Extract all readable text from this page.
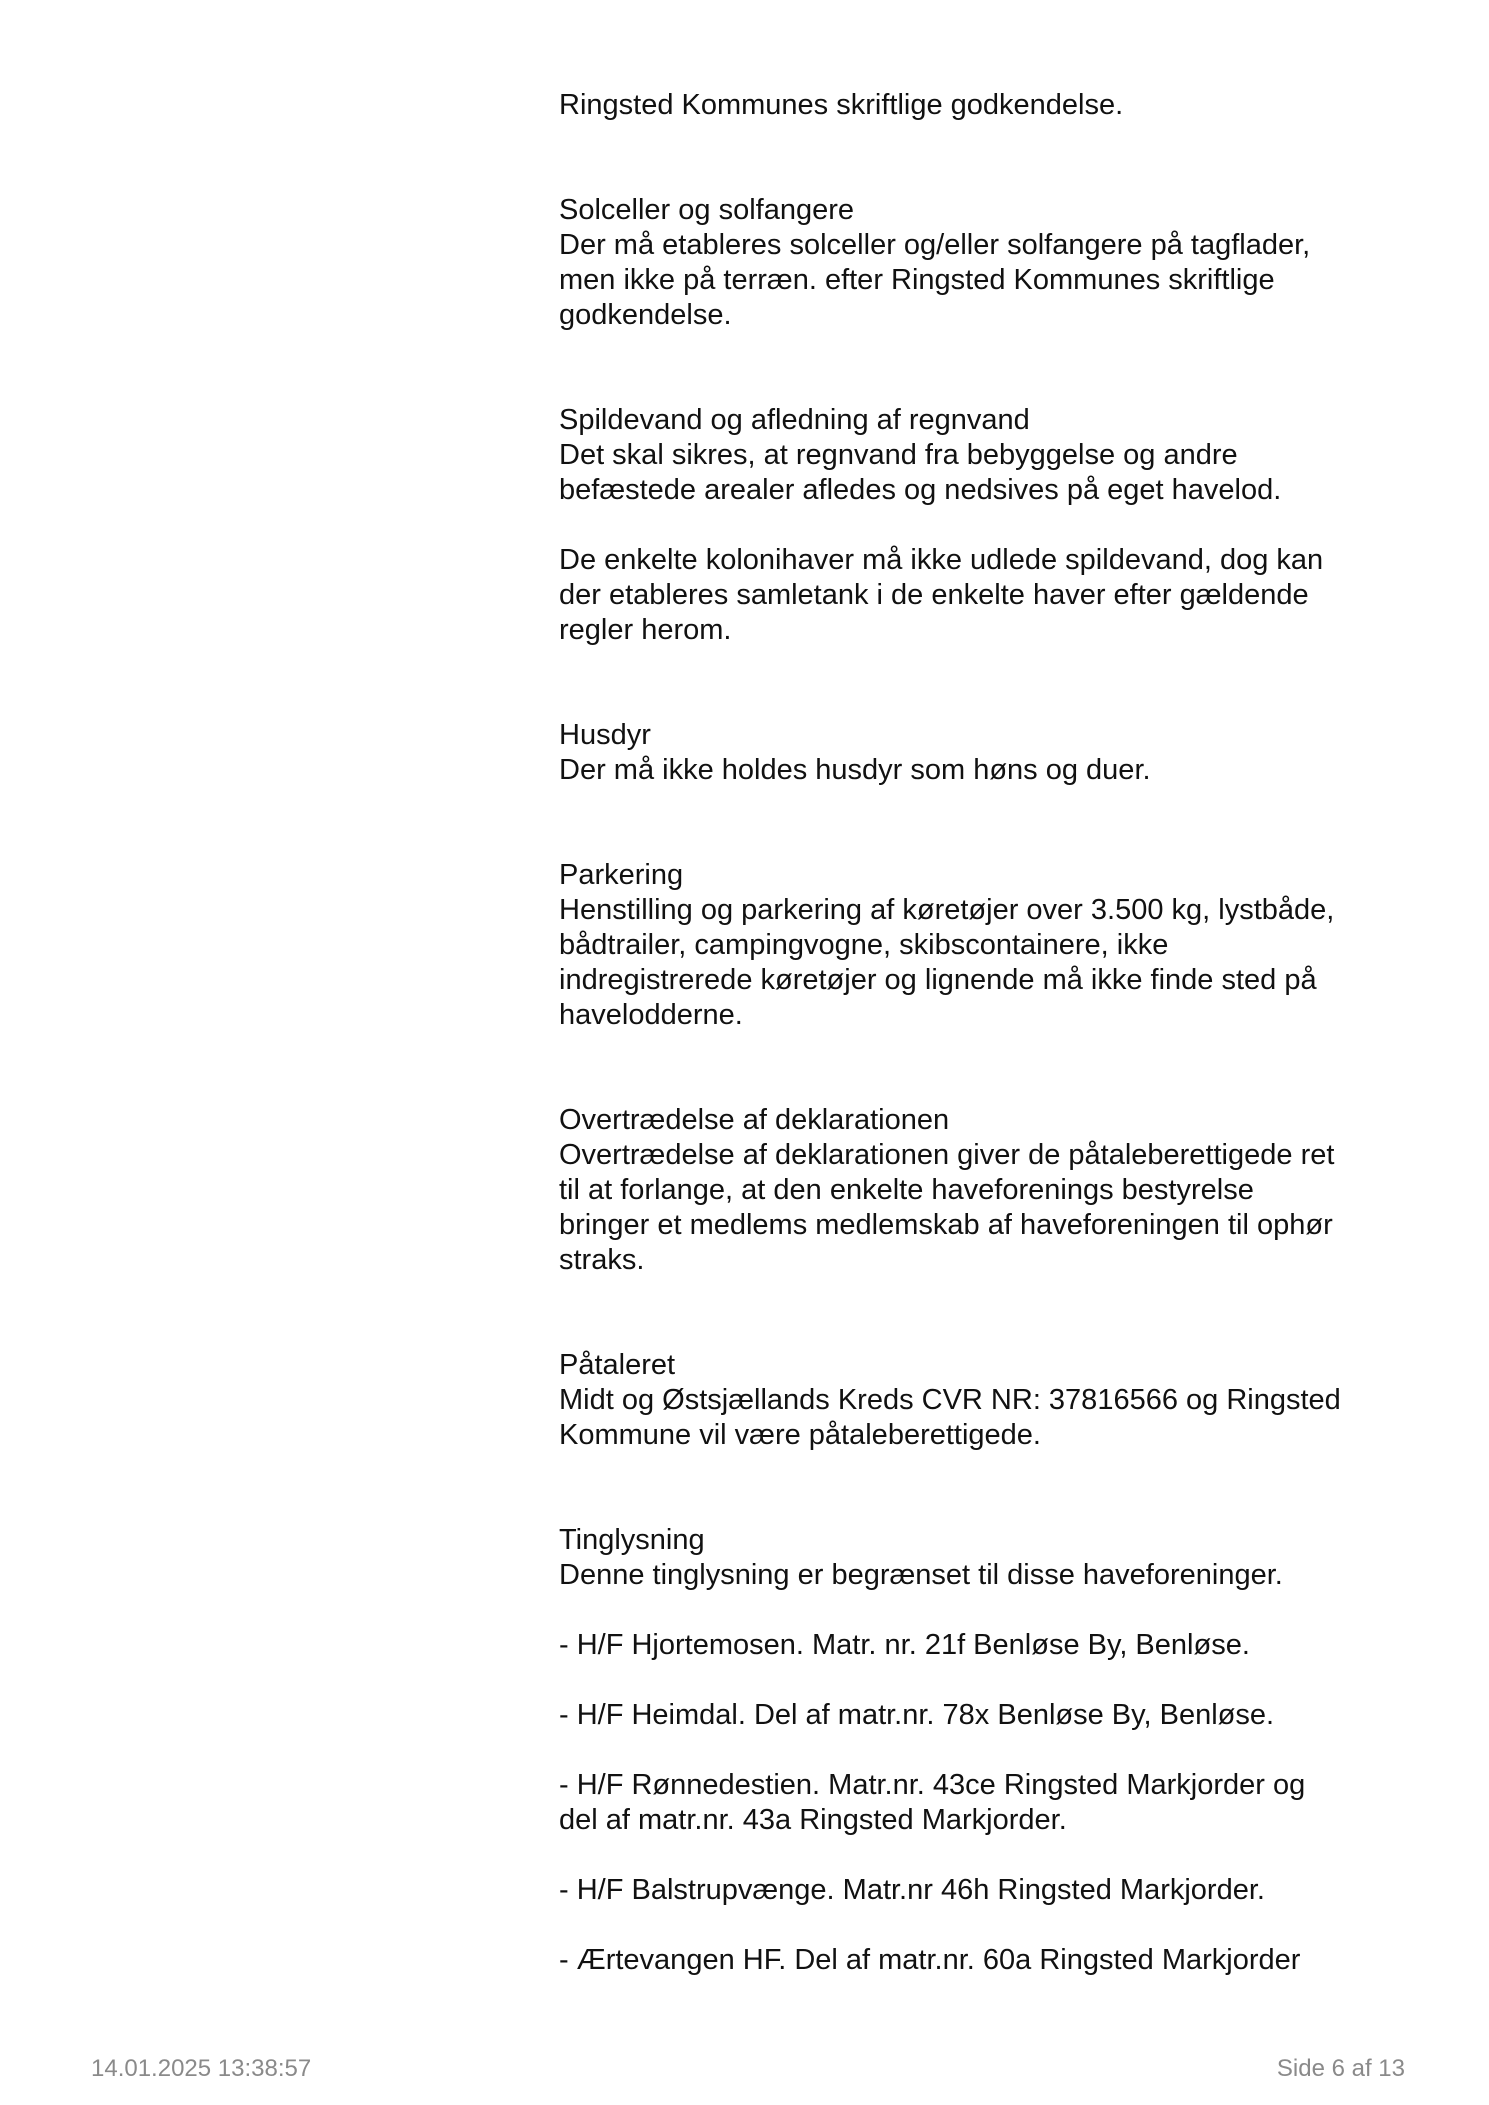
Ringsted Kommunes skriftlige godkendelse.
Solceller og solfangere
Der må etableres solceller og/eller solfangere på tagflader,
men ikke på terræn. efter Ringsted Kommunes skriftlige
godkendelse.
Spildevand og afledning af regnvand
Det skal sikres, at regnvand fra bebyggelse og andre
befæstede arealer afledes og nedsives på eget havelod.
De enkelte kolonihaver må ikke udlede spildevand, dog kan
der etableres samletank i de enkelte haver efter gældende
regler herom.
Husdyr
Der må ikke holdes husdyr som høns og duer.
Parkering
Henstilling og parkering af køretøjer over 3.500 kg, lystbåde,
bådtrailer, campingvogne, skibscontainere, ikke
indregistrerede køretøjer og lignende må ikke finde sted på
havelodderne.
Overtrædelse af deklarationen
Overtrædelse af deklarationen giver de påtaleberettigede ret
til at forlange, at den enkelte haveforenings bestyrelse
bringer et medlems medlemskab af haveforeningen til ophør
straks.
Påtaleret
Midt og Østsjællands Kreds CVR NR: 37816566 og Ringsted
Kommune vil være påtaleberettigede.
Tinglysning
Denne tinglysning er begrænset til disse haveforeninger.
- H/F Hjortemosen. Matr. nr. 21f Benløse By, Benløse.
- H/F Heimdal. Del af matr.nr. 78x Benløse By, Benløse.
- H/F Rønnedestien. Matr.nr. 43ce Ringsted Markjorder og
del af matr.nr. 43a Ringsted Markjorder.
- H/F Balstrupvænge. Matr.nr 46h Ringsted Markjorder.
- Ærtevangen HF. Del af matr.nr. 60a Ringsted Markjorder
14.01.2025 13:38:57	Side 6 af 13
